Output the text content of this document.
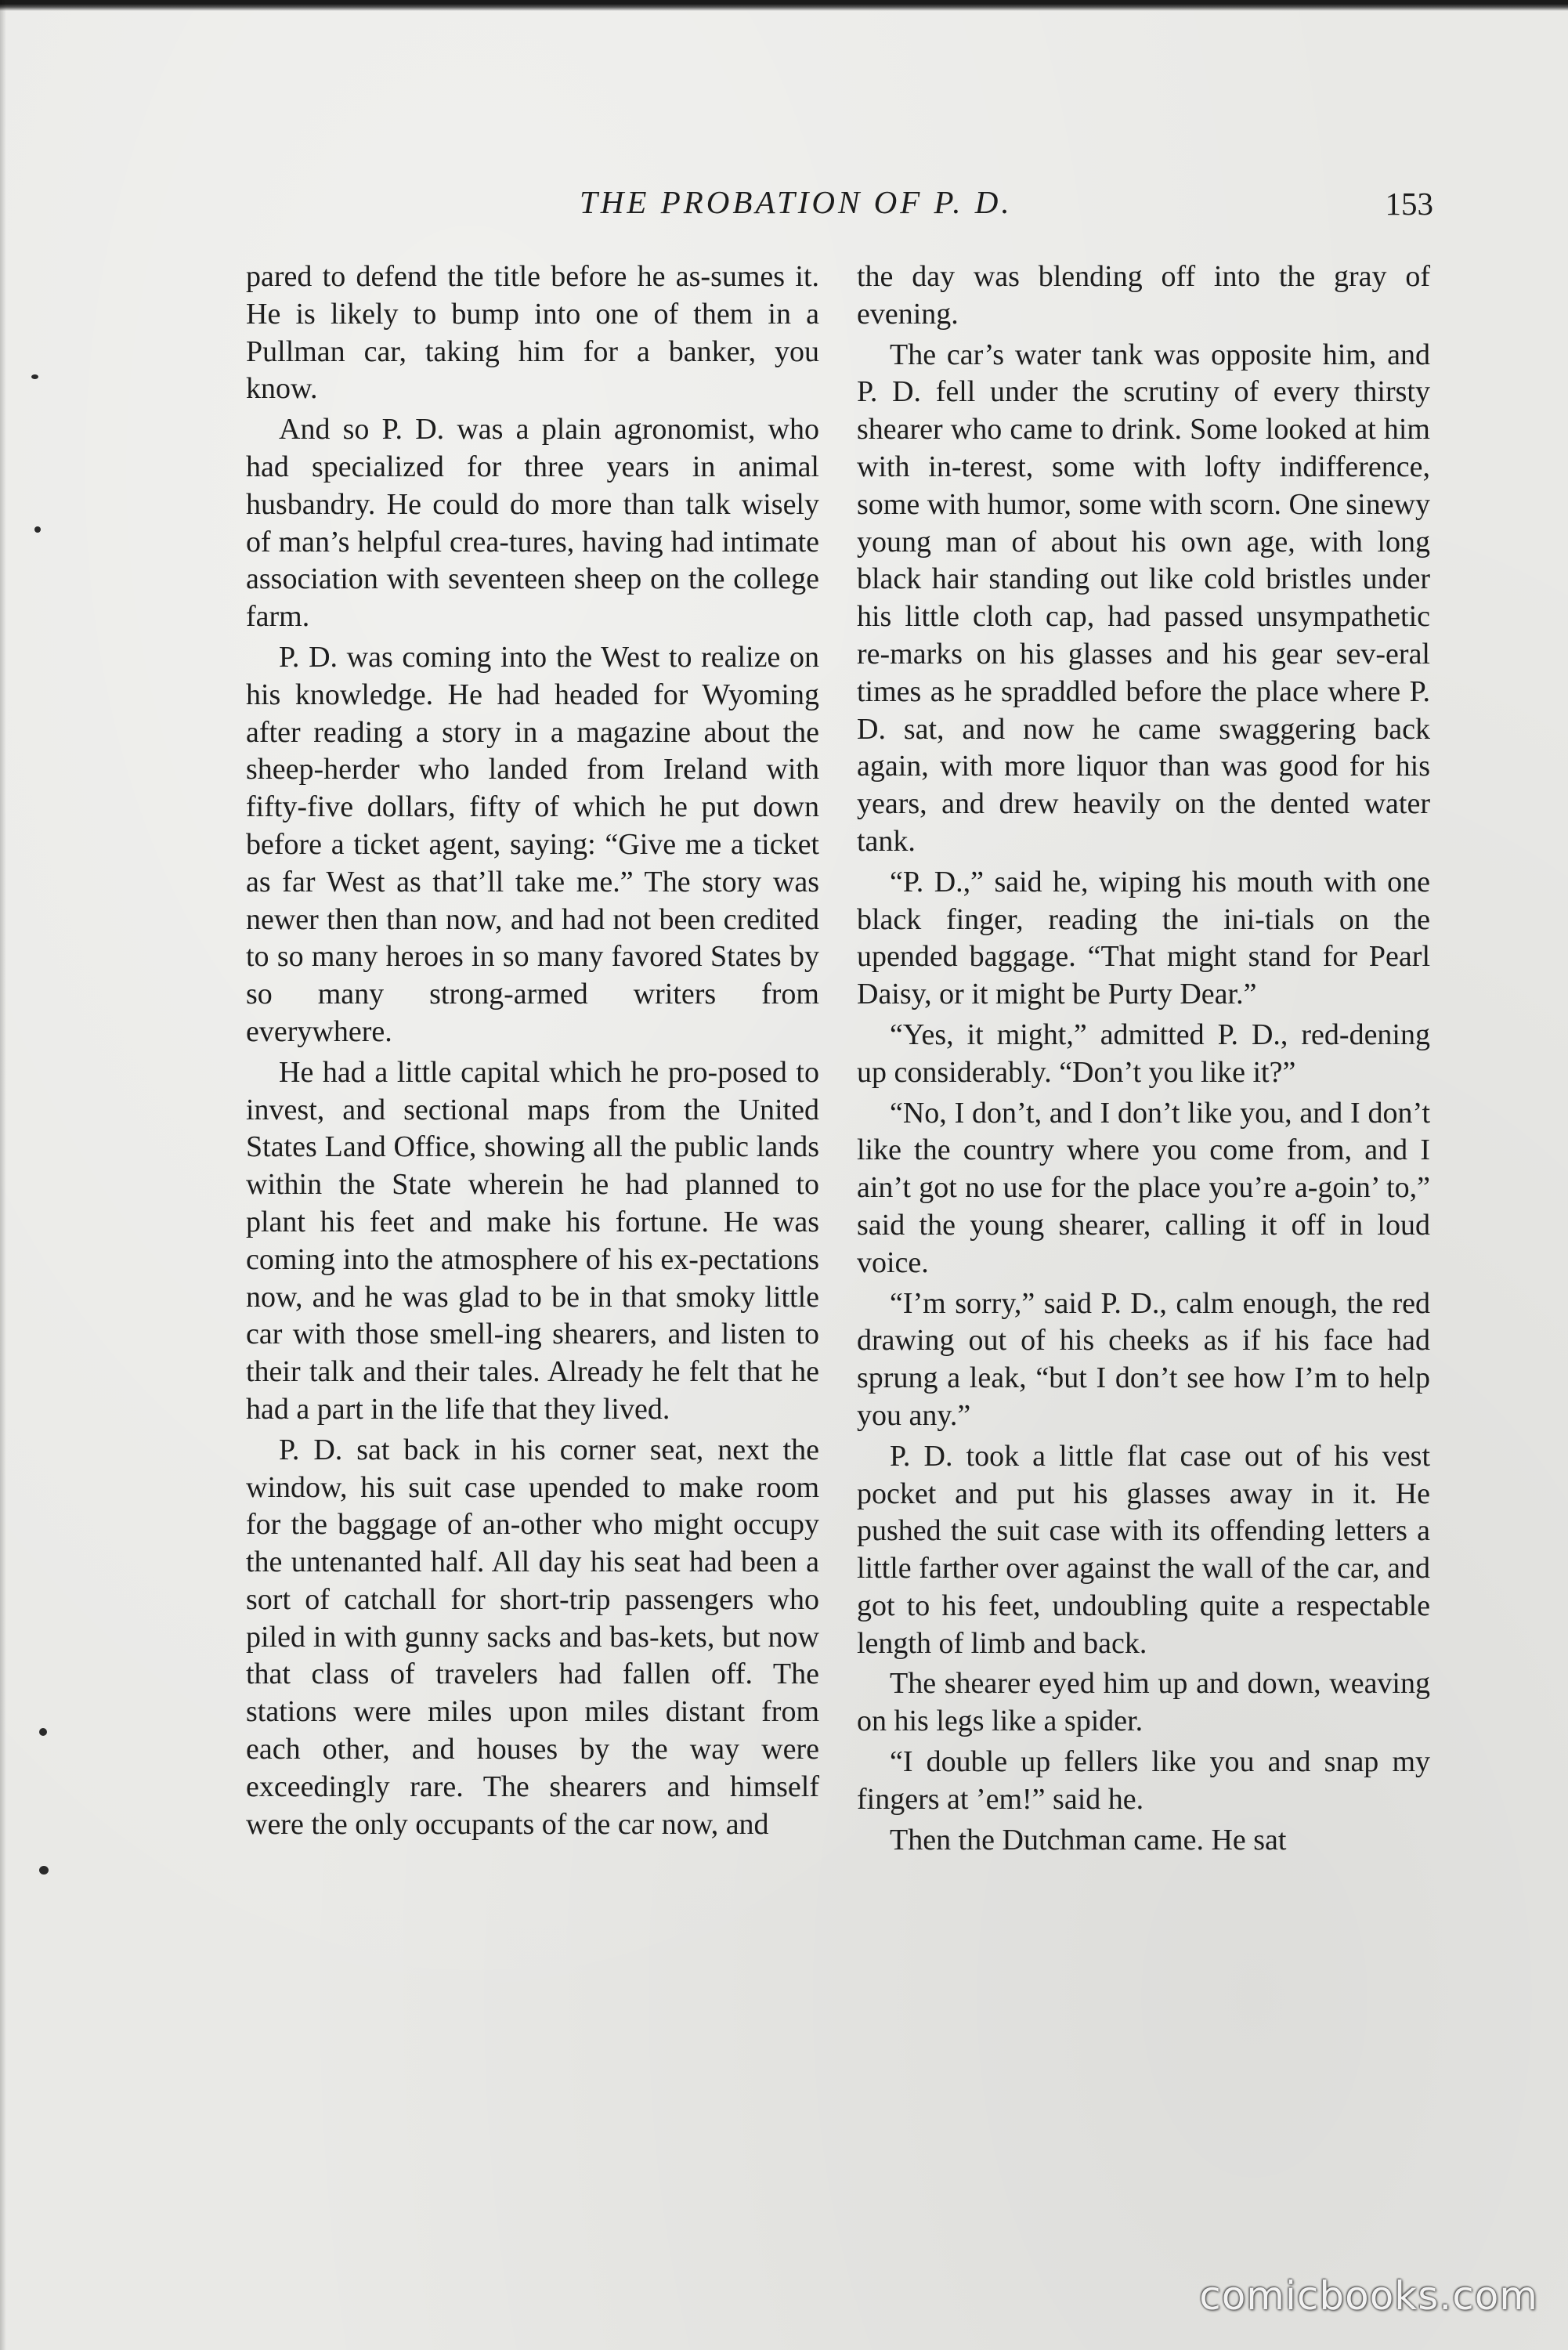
THE PROBATION OF P. D.	153

pared to defend the title before he as-sumes it. He is likely to bump into one of them in a Pullman car, taking him for a banker, you know.

And so P. D. was a plain agronomist, who had specialized for three years in animal husbandry. He could do more than talk wisely of man’s helpful crea-tures, having had intimate association with seventeen sheep on the college farm.

P. D. was coming into the West to realize on his knowledge. He had headed for Wyoming after reading a story in a magazine about the sheep-herder who landed from Ireland with fifty-five dollars, fifty of which he put down before a ticket agent, saying: “Give me a ticket as far West as that’ll take me.” The story was newer then than now, and had not been credited to so many heroes in so many favored States by so many strong-armed writers from everywhere.

He had a little capital which he pro-posed to invest, and sectional maps from the United States Land Office, showing all the public lands within the State wherein he had planned to plant his feet and make his fortune. He was coming into the atmosphere of his ex-pectations now, and he was glad to be in that smoky little car with those smell-ing shearers, and listen to their talk and their tales. Already he felt that he had a part in the life that they lived.

P. D. sat back in his corner seat, next the window, his suit case upended to make room for the baggage of an-other who might occupy the untenanted half. All day his seat had been a sort of catchall for short-trip passengers who piled in with gunny sacks and bas-kets, but now that class of travelers had fallen off. The stations were miles upon miles distant from each other, and houses by the way were exceedingly rare. The shearers and himself were the only occupants of the car now, and

the day was blending off into the gray of evening.

The car’s water tank was opposite him, and P. D. fell under the scrutiny of every thirsty shearer who came to drink. Some looked at him with in-terest, some with lofty indifference, some with humor, some with scorn. One sinewy young man of about his own age, with long black hair standing out like cold bristles under his little cloth cap, had passed unsympathetic re-marks on his glasses and his gear sev-eral times as he spraddled before the place where P. D. sat, and now he came swaggering back again, with more liquor than was good for his years, and drew heavily on the dented water tank.

“P. D.,” said he, wiping his mouth with one black finger, reading the ini-tials on the upended baggage. “That might stand for Pearl Daisy, or it might be Purty Dear.”

“Yes, it might,” admitted P. D., red-dening up considerably. “Don’t you like it?”

“No, I don’t, and I don’t like you, and I don’t like the country where you come from, and I ain’t got no use for the place you’re a-goin’ to,” said the young shearer, calling it off in loud voice.

“I’m sorry,” said P. D., calm enough, the red drawing out of his cheeks as if his face had sprung a leak, “but I don’t see how I’m to help you any.”

P. D. took a little flat case out of his vest pocket and put his glasses away in it. He pushed the suit case with its offending letters a little farther over against the wall of the car, and got to his feet, undoubling quite a respectable length of limb and back.

The shearer eyed him up and down, weaving on his legs like a spider.

“I double up fellers like you and snap my fingers at ’em!” said he.

Then the Dutchman came. He sat

comicbooks.com
